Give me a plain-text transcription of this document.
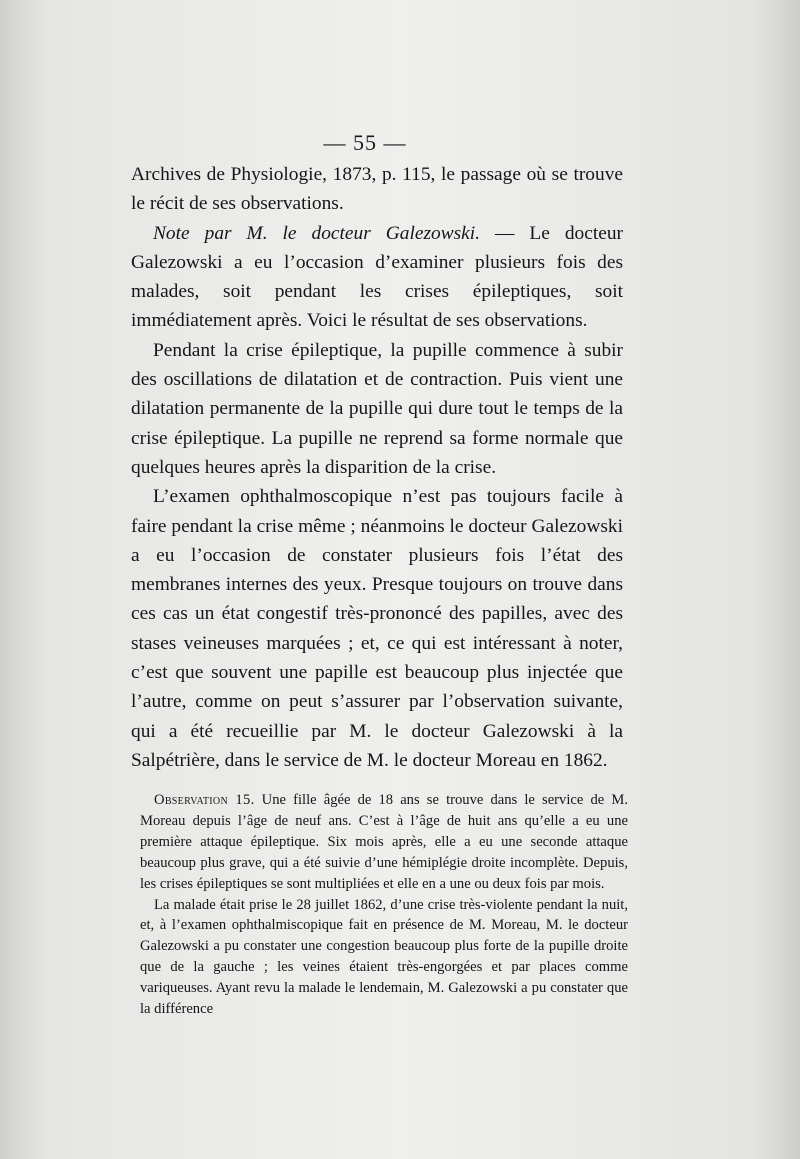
— 55 —

Archives de Physiologie, 1873, p. 115, le passage où se trouve le récit de ses observations.

Note par M. le docteur Galezowski. — Le docteur Galezowski a eu l’occasion d’examiner plusieurs fois des malades, soit pendant les crises épileptiques, soit immédiatement après. Voici le résultat de ses observations.

Pendant la crise épileptique, la pupille commence à subir des oscillations de dilatation et de contraction. Puis vient une dilatation permanente de la pupille qui dure tout le temps de la crise épileptique. La pupille ne reprend sa forme normale que quelques heures après la disparition de la crise.

L’examen ophthalmoscopique n’est pas toujours facile à faire pendant la crise même ; néanmoins le docteur Galezowski a eu l’occasion de constater plusieurs fois l’état des membranes internes des yeux. Presque toujours on trouve dans ces cas un état congestif très-prononcé des papilles, avec des stases veineuses marquées ; et, ce qui est intéressant à noter, c’est que souvent une papille est beaucoup plus injectée que l’autre, comme on peut s’assurer par l’observation suivante, qui a été recueillie par M. le docteur Galezowski à la Salpétrière, dans le service de M. le docteur Moreau en 1862.

Observation 15. Une fille âgée de 18 ans se trouve dans le service de M. Moreau depuis l’âge de neuf ans. C’est à l’âge de huit ans qu’elle a eu une première attaque épileptique. Six mois après, elle a eu une seconde attaque beaucoup plus grave, qui a été suivie d’une hémiplégie droite incomplète. Depuis, les crises épileptiques se sont multipliées et elle en a une ou deux fois par mois.

La malade était prise le 28 juillet 1862, d’une crise très-violente pendant la nuit, et, à l’examen ophthalmiscopique fait en présence de M. Moreau, M. le docteur Galezowski a pu constater une congestion beaucoup plus forte de la pupille droite que de la gauche ; les veines étaient très-engorgées et par places comme variqueuses. Ayant revu la malade le lendemain, M. Galezowski a pu constater que la différence
